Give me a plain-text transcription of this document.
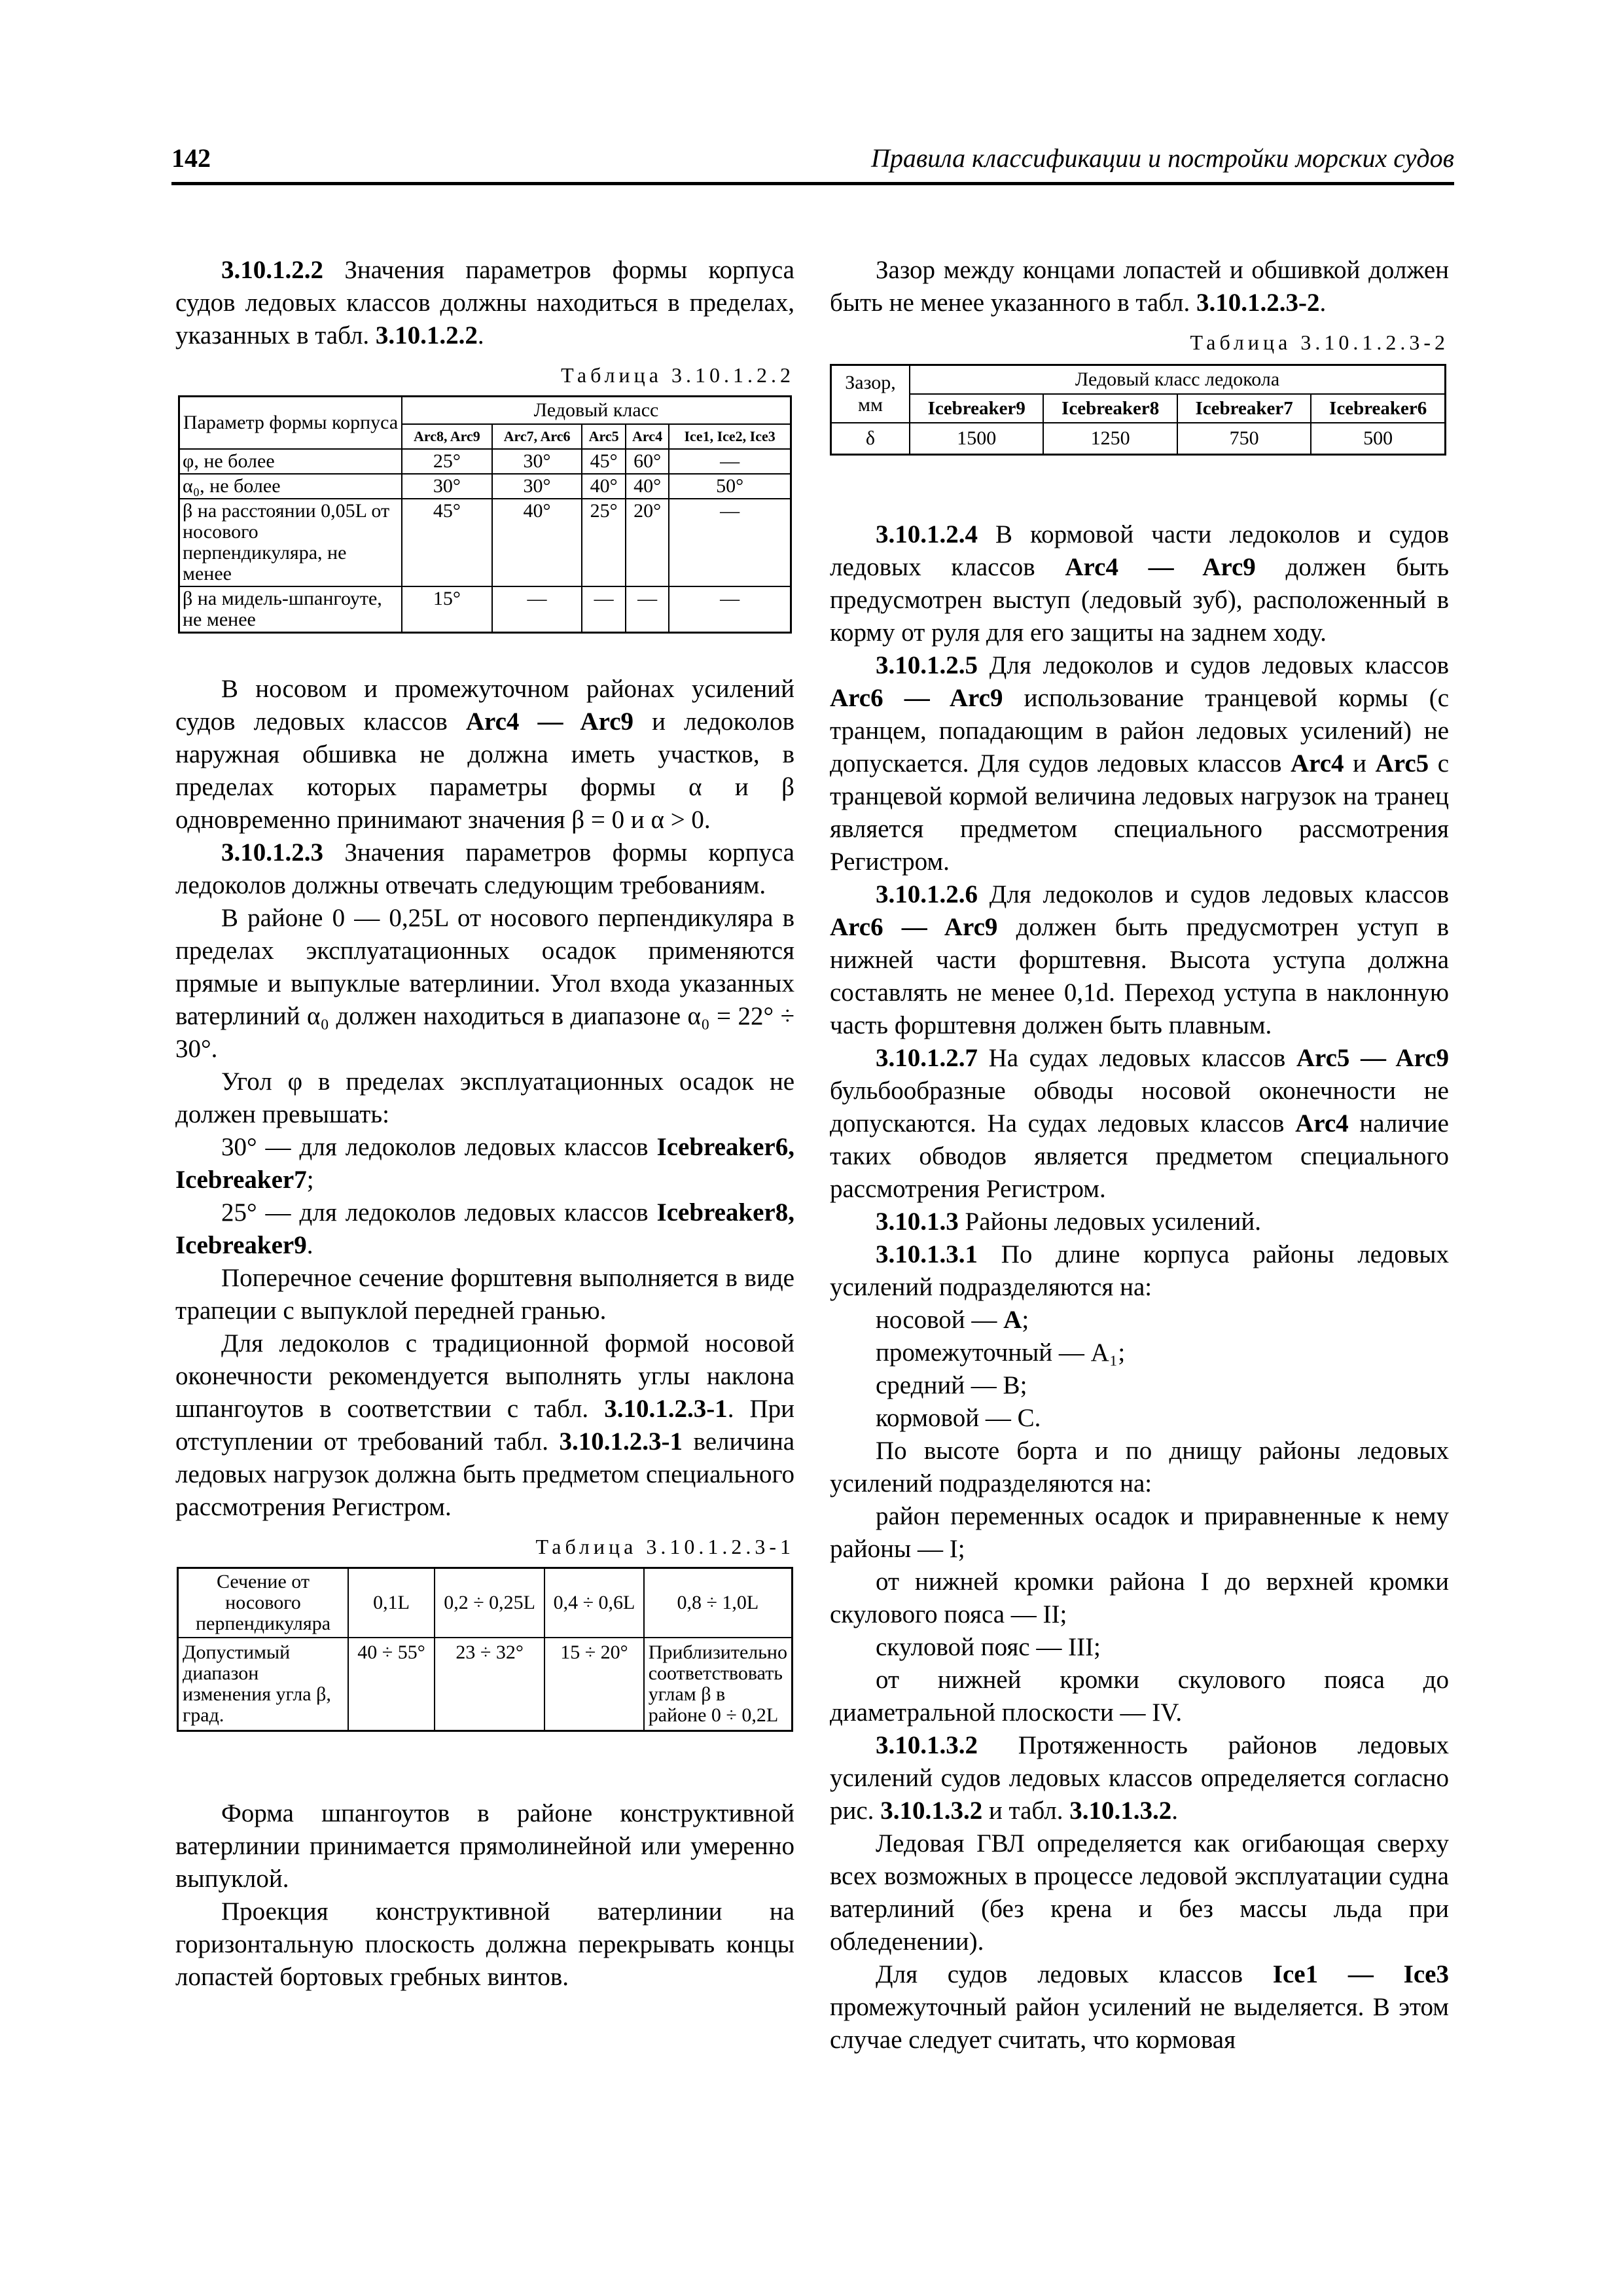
142	Правила классификации и постройки морских судов

3.10.1.2.2 Значения параметров формы корпуса судов ледовых классов должны находиться в пределах, указанных в табл. 3.10.1.2.2.

Таблица 3.10.1.2.2
Параметр формы корпуса	Ледовый класс				
	Arc8, Arc9	Arc7, Arc6	Arc5	Arc4	Ice1, Ice2, Ice3
φ, не более	25°	30°	45°	60°	—
α₀, не более	30°	30°	40°	40°	50°
β на расстоянии 0,05L от носового перпендикуляра, не менее	45°	40°	25°	20°	—
β на мидель-шпангоуте, не менее	15°	—	—	—	—

В носовом и промежуточном районах усилений судов ледовых классов Arc4 — Arc9 и ледоколов наружная обшивка не должна иметь участков, в пределах которых параметры формы α и β одновременно принимают значения β = 0 и α > 0.

3.10.1.2.3 Значения параметров формы корпуса ледоколов должны отвечать следующим требованиям.

В районе 0 — 0,25L от носового перпендикуляра в пределах эксплуатационных осадок применяются прямые и выпуклые ватерлинии. Угол входа указанных ватерлиний α₀ должен находиться в диапазоне α₀ = 22° ÷ 30°.

Угол φ в пределах эксплуатационных осадок не должен превышать:

30° — для ледоколов ледовых классов Icebreaker6, Icebreaker7;

25° — для ледоколов ледовых классов Icebreaker8, Icebreaker9.

Поперечное сечение форштевня выполняется в виде трапеции с выпуклой передней гранью.

Для ледоколов с традиционной формой носовой оконечности рекомендуется выполнять углы наклона шпангоутов в соответствии с табл. 3.10.1.2.3-1. При отступлении от требований табл. 3.10.1.2.3-1 величина ледовых нагрузок должна быть предметом специального рассмотрения Регистром.

Таблица 3.10.1.2.3-1
Сечение от носового перпендикуляра	0,1L	0,2 ÷ 0,25L	0,4 ÷ 0,6L	0,8 ÷ 1,0L
Допустимый диапазон изменения угла β, град.	40 ÷ 55°	23 ÷ 32°	15 ÷ 20°	Приблизительно соответствовать углам β в районе 0 ÷ 0,2L

Форма шпангоутов в районе конструктивной ватерлинии принимается прямолинейной или умеренно выпуклой.

Проекция конструктивной ватерлинии на горизонтальную плоскость должна перекрывать концы лопастей бортовых гребных винтов.

Зазор между концами лопастей и обшивкой должен быть не менее указанного в табл. 3.10.1.2.3-2.

Таблица 3.10.1.2.3-2
Зазор, мм	Ледовый класс ледокола			
	Icebreaker9	Icebreaker8	Icebreaker7	Icebreaker6
δ	1500	1250	750	500

3.10.1.2.4 В кормовой части ледоколов и судов ледовых классов Arc4 — Arc9 должен быть предусмотрен выступ (ледовый зуб), расположенный в корму от руля для его защиты на заднем ходу.

3.10.1.2.5 Для ледоколов и судов ледовых классов Arc6 — Arc9 использование транцевой кормы (с транцем, попадающим в район ледовых усилений) не допускается. Для судов ледовых классов Arc4 и Arc5 с транцевой кормой величина ледовых нагрузок на транец является предметом специального рассмотрения Регистром.

3.10.1.2.6 Для ледоколов и судов ледовых классов Arc6 — Arc9 должен быть предусмотрен уступ в нижней части форштевня. Высота уступа должна составлять не менее 0,1d. Переход уступа в наклонную часть форштевня должен быть плавным.

3.10.1.2.7 На судах ледовых классов Arc5 — Arc9 бульбообразные обводы носовой оконечности не допускаются. На судах ледовых классов Arc4 наличие таких обводов является предметом специального рассмотрения Регистром.

3.10.1.3 Районы ледовых усилений.

3.10.1.3.1 По длине корпуса районы ледовых усилений подразделяются на:

носовой — A;

промежуточный — A₁;

средний — B;

кормовой — C.

По высоте борта и по днищу районы ледовых усилений подразделяются на:

район переменных осадок и приравненные к нему районы — I;

от нижней кромки района I до верхней кромки скулового пояса — II;

скуловой пояс — III;

от нижней кромки скулового пояса до диаметральной плоскости — IV.

3.10.1.3.2 Протяженность районов ледовых усилений судов ледовых классов определяется согласно рис. 3.10.1.3.2 и табл. 3.10.1.3.2.

Ледовая ГВЛ определяется как огибающая сверху всех возможных в процессе ледовой эксплуатации судна ватерлиний (без крена и без массы льда при обледенении).

Для судов ледовых классов Ice1 — Ice3 промежуточный район усилений не выделяется. В этом случае следует считать, что кормовая
